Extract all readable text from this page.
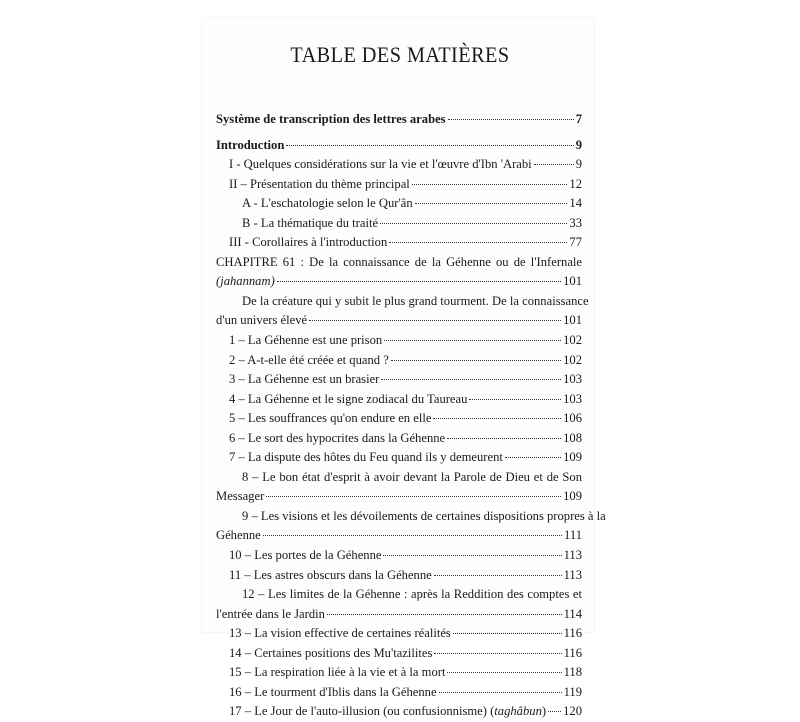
TABLE DES MATIÈRES
Système de transcription des lettres arabes	7
Introduction	9
I - Quelques considérations sur la vie et l'œuvre d'Ibn 'Arabi	9
II – Présentation du thème principal	12
A - L'eschatologie selon le Qur'ân	14
B - La thématique du traité	33
III - Corollaires à l'introduction	77
CHAPITRE 61 : De la connaissance de la Géhenne ou de l'Infernale
(jahannam)	101
De la créature qui y subit le plus grand tourment. De la connaissance
d'un univers élevé	101
1 – La Géhenne est une prison	102
2 – A-t-elle été créée et quand ?	102
3 – La Géhenne est un brasier	103
4 – La Géhenne et le signe zodiacal du Taureau	103
5 – Les souffrances qu'on endure en elle	106
6 – Le sort des hypocrites dans la Géhenne	108
7 – La dispute des hôtes du Feu quand ils y demeurent	109
8 – Le bon état d'esprit à avoir devant la Parole de Dieu et de Son
Messager	109
9 – Les visions et les dévoilements de certaines dispositions propres à la
Géhenne	111
10 – Les portes de la Géhenne	113
11 – Les astres obscurs dans la Géhenne	113
12 – Les limites de la Géhenne : après la Reddition des comptes et
l'entrée dans le Jardin	114
13 – La vision effective de certaines réalités	116
14 – Certaines positions des Mu'tazilites	116
15 – La respiration liée à la vie et à la mort	118
16 – Le tourment d'Iblis dans la Géhenne	119
17 – Le Jour de l'auto-illusion (ou confusionnisme) (taghâbun) 120
